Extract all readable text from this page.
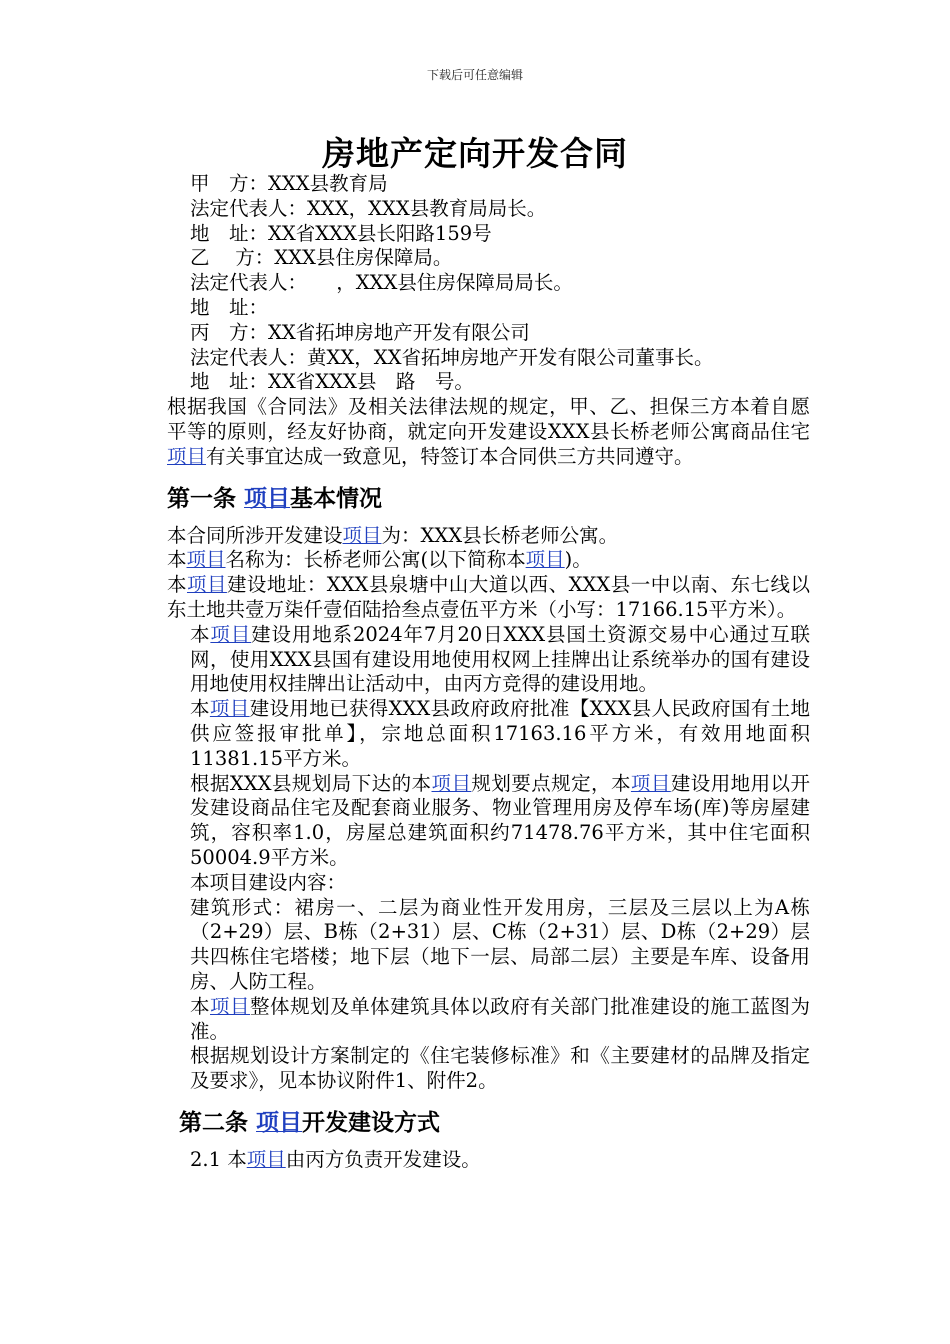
下载后可任意编辑
房地产定向开发合同
甲　方：XXX县教育局
法定代表人：XXX，XXX县教育局局长。
地　址：XX省XXX县长阳路159号
乙　 方：XXX县住房保障局。
法定代表人：　　，XXX县住房保障局局长。
地　址：
丙　方：XX省拓坤房地产开发有限公司
法定代表人：黄XX，XX省拓坤房地产开发有限公司董事长。
地　址：XX省XXX县　路　号。
根据我国《合同法》及相关法律法规的规定，甲、乙、担保三方本着自愿平等的原则，经友好协商，就定向开发建设XXX县长桥老师公寓商品住宅项目有关事宜达成一致意见，特签订本合同供三方共同遵守。
第一条 项目基本情况
本合同所涉开发建设项目为：XXX县长桥老师公寓。
本项目名称为：长桥老师公寓(以下简称本项目)。
本项目建设地址：XXX县泉塘中山大道以西、XXX县一中以南、东七线以东土地共壹万柒仟壹佰陆拾叁点壹伍平方米（小写：17166.15平方米）。
本项目建设用地系2024年7月20日XXX县国土资源交易中心通过互联网，使用XXX县国有建设用地使用权网上挂牌出让系统举办的国有建设用地使用权挂牌出让活动中，由丙方竞得的建设用地。
本项目建设用地已获得XXX县政府政府批准【XXX县人民政府国有土地供应签报审批单】，宗地总面积17163.16平方米，有效用地面积11381.15平方米。
根据XXX县规划局下达的本项目规划要点规定，本项目建设用地用以开发建设商品住宅及配套商业服务、物业管理用房及停车场(库)等房屋建筑，容积率1.0，房屋总建筑面积约71478.76平方米，其中住宅面积50004.9平方米。
本项目建设内容：
建筑形式：裙房一、二层为商业性开发用房，三层及三层以上为A栋（2+29）层、B栋（2+31）层、C栋（2+31）层、D栋（2+29）层共四栋住宅塔楼；地下层（地下一层、局部二层）主要是车库、设备用房、人防工程。
本项目整体规划及单体建筑具体以政府有关部门批准建设的施工蓝图为准。
根据规划设计方案制定的《住宅装修标准》和《主要建材的品牌及指定及要求》，见本协议附件1、附件2。
第二条 项目开发建设方式
2.1 本项目由丙方负责开发建设。
